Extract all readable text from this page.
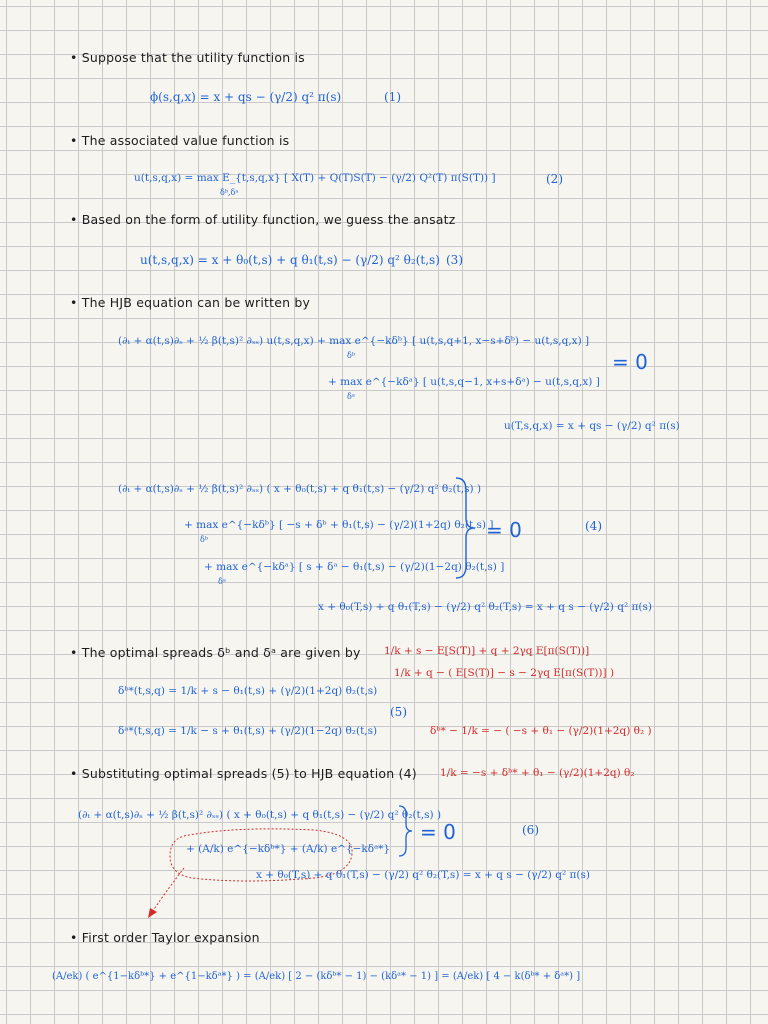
• Suppose that the utility function is
ϕ(s,q,x) = x + qs − (γ/2) q² π(s)	(1)
• The associated value function is
u(t,s,q,x) = max E_{t,s,q,x} [ X(T) + Q(T)S(T) − (γ/2) Q²(T) π(S(T)) ]
δᵇ,δᵃ
(2)
• Based on the form of utility function, we guess the ansatz
u(t,s,q,x) = x + θ₀(t,s) + q θ₁(t,s) − (γ/2) q² θ₂(t,s) (3)
• The HJB equation can be written by
(∂ₜ + α(t,s)∂ₛ + ½ β(t,s)² ∂ₛₛ) u(t,s,q,x) + max e^{−kδᵇ} [ u(t,s,q+1, x−s+δᵇ) − u(t,s,q,x) ]
δᵇ	= 0
+ max e^{−kδᵃ} [ u(t,s,q−1, x+s+δᵃ) − u(t,s,q,x) ]
δᵃ
u(T,s,q,x) = x + qs − (γ/2) q² π(s)
(∂ₜ + α(t,s)∂ₛ + ½ β(t,s)² ∂ₛₛ) ( x + θ₀(t,s) + q θ₁(t,s) − (γ/2) q² θ₂(t,s) )
+ max e^{−kδᵇ} [ −s + δᵇ + θ₁(t,s) − (γ/2)(1+2q) θ₂(t,s) ]
δᵇ
+ max e^{−kδᵃ} [ s + δᵃ − θ₁(t,s) − (γ/2)(1−2q) θ₂(t,s) ]
δᵃ
= 0	(4)
x + θ₀(T,s) + q θ₁(T,s) − (γ/2) q² θ₂(T,s) = x + q s − (γ/2) q² π(s)
• The optimal spreads δᵇ and δᵃ are given by
δᵇ*(t,s,q) = 1/k + s − θ₁(t,s) + (γ/2)(1+2q) θ₂(t,s)
δᵃ*(t,s,q) = 1/k − s + θ₁(t,s) + (γ/2)(1−2q) θ₂(t,s)
(5)
1/k + s − E[S(T)] + q + 2γq E[π(S(T))]
1/k + q − ( E[S(T)] − s − 2γq E[π(S(T))] )
δᵇ* − 1/k = − ( −s + θ₁ − (γ/2)(1+2q) θ₂ )
1/k = −s + δᵇ* + θ₁ − (γ/2)(1+2q) θ₂
• Substituting optimal spreads (5) to HJB equation (4)
(∂ₜ + α(t,s)∂ₛ + ½ β(t,s)² ∂ₛₛ) ( x + θ₀(t,s) + q θ₁(t,s) − (γ/2) q² θ₂(t,s) )
+ (A/k) e^{−kδᵇ*} + (A/k) e^{−kδᵃ*}
= 0	(6)
x + θ₀(T,s) + q θ₁(T,s) − (γ/2) q² θ₂(T,s) = x + q s − (γ/2) q² π(s)
• First order Taylor expansion
(A/ek) ( e^{1−kδᵇ*} + e^{1−kδᵃ*} ) = (A/ek) [ 2 − (kδᵇ* − 1) − (kδᵃ* − 1) ] = (A/ek) [ 4 − k(δᵇ* + δᵃ*) ]
